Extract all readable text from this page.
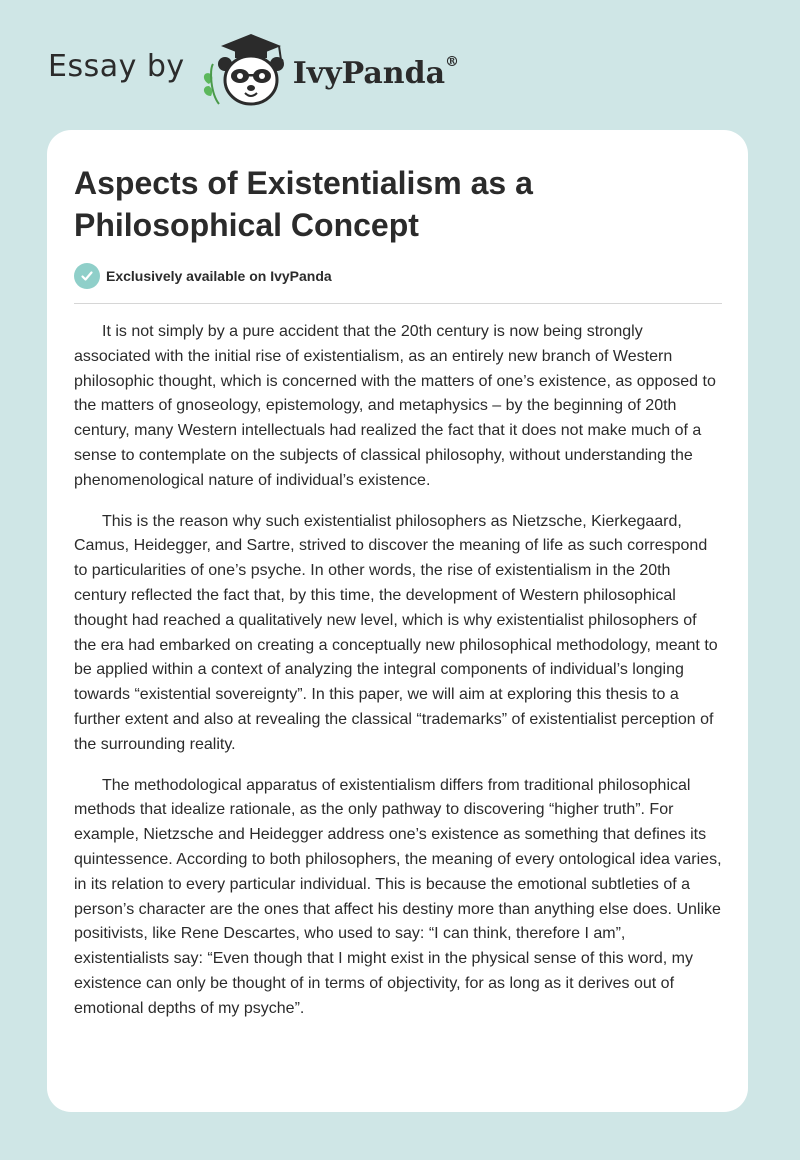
Essay by	IvyPanda®
Aspects of Existentialism as a Philosophical Concept
Exclusively available on IvyPanda

It is not simply by a pure accident that the 20th century is now being strongly associated with the initial rise of existentialism, as an entirely new branch of Western philosophic thought, which is concerned with the matters of one’s existence, as opposed to the matters of gnoseology, epistemology, and metaphysics – by the beginning of 20th century, many Western intellectuals had realized the fact that it does not make much of a sense to contemplate on the subjects of classical philosophy, without understanding the phenomenological nature of individual’s existence.

This is the reason why such existentialist philosophers as Nietzsche, Kierkegaard, Camus, Heidegger, and Sartre, strived to discover the meaning of life as such correspond to particularities of one’s psyche. In other words, the rise of existentialism in the 20th century reflected the fact that, by this time, the development of Western philosophical thought had reached a qualitatively new level, which is why existentialist philosophers of the era had embarked on creating a conceptually new philosophical methodology, meant to be applied within a context of analyzing the integral components of individual’s longing towards “existential sovereignty”. In this paper, we will aim at exploring this thesis to a further extent and also at revealing the classical “trademarks” of existentialist perception of the surrounding reality.

The methodological apparatus of existentialism differs from traditional philosophical methods that idealize rationale, as the only pathway to discovering “higher truth”. For example, Nietzsche and Heidegger address one’s existence as something that defines its quintessence. According to both philosophers, the meaning of every ontological idea varies, in its relation to every particular individual. This is because the emotional subtleties of a person’s character are the ones that affect his destiny more than anything else does. Unlike positivists, like Rene Descartes, who used to say: “I can think, therefore I am”, existentialists say: “Even though that I might exist in the physical sense of this word, my existence can only be thought of in terms of objectivity, for as long as it derives out of emotional depths of my psyche”.
